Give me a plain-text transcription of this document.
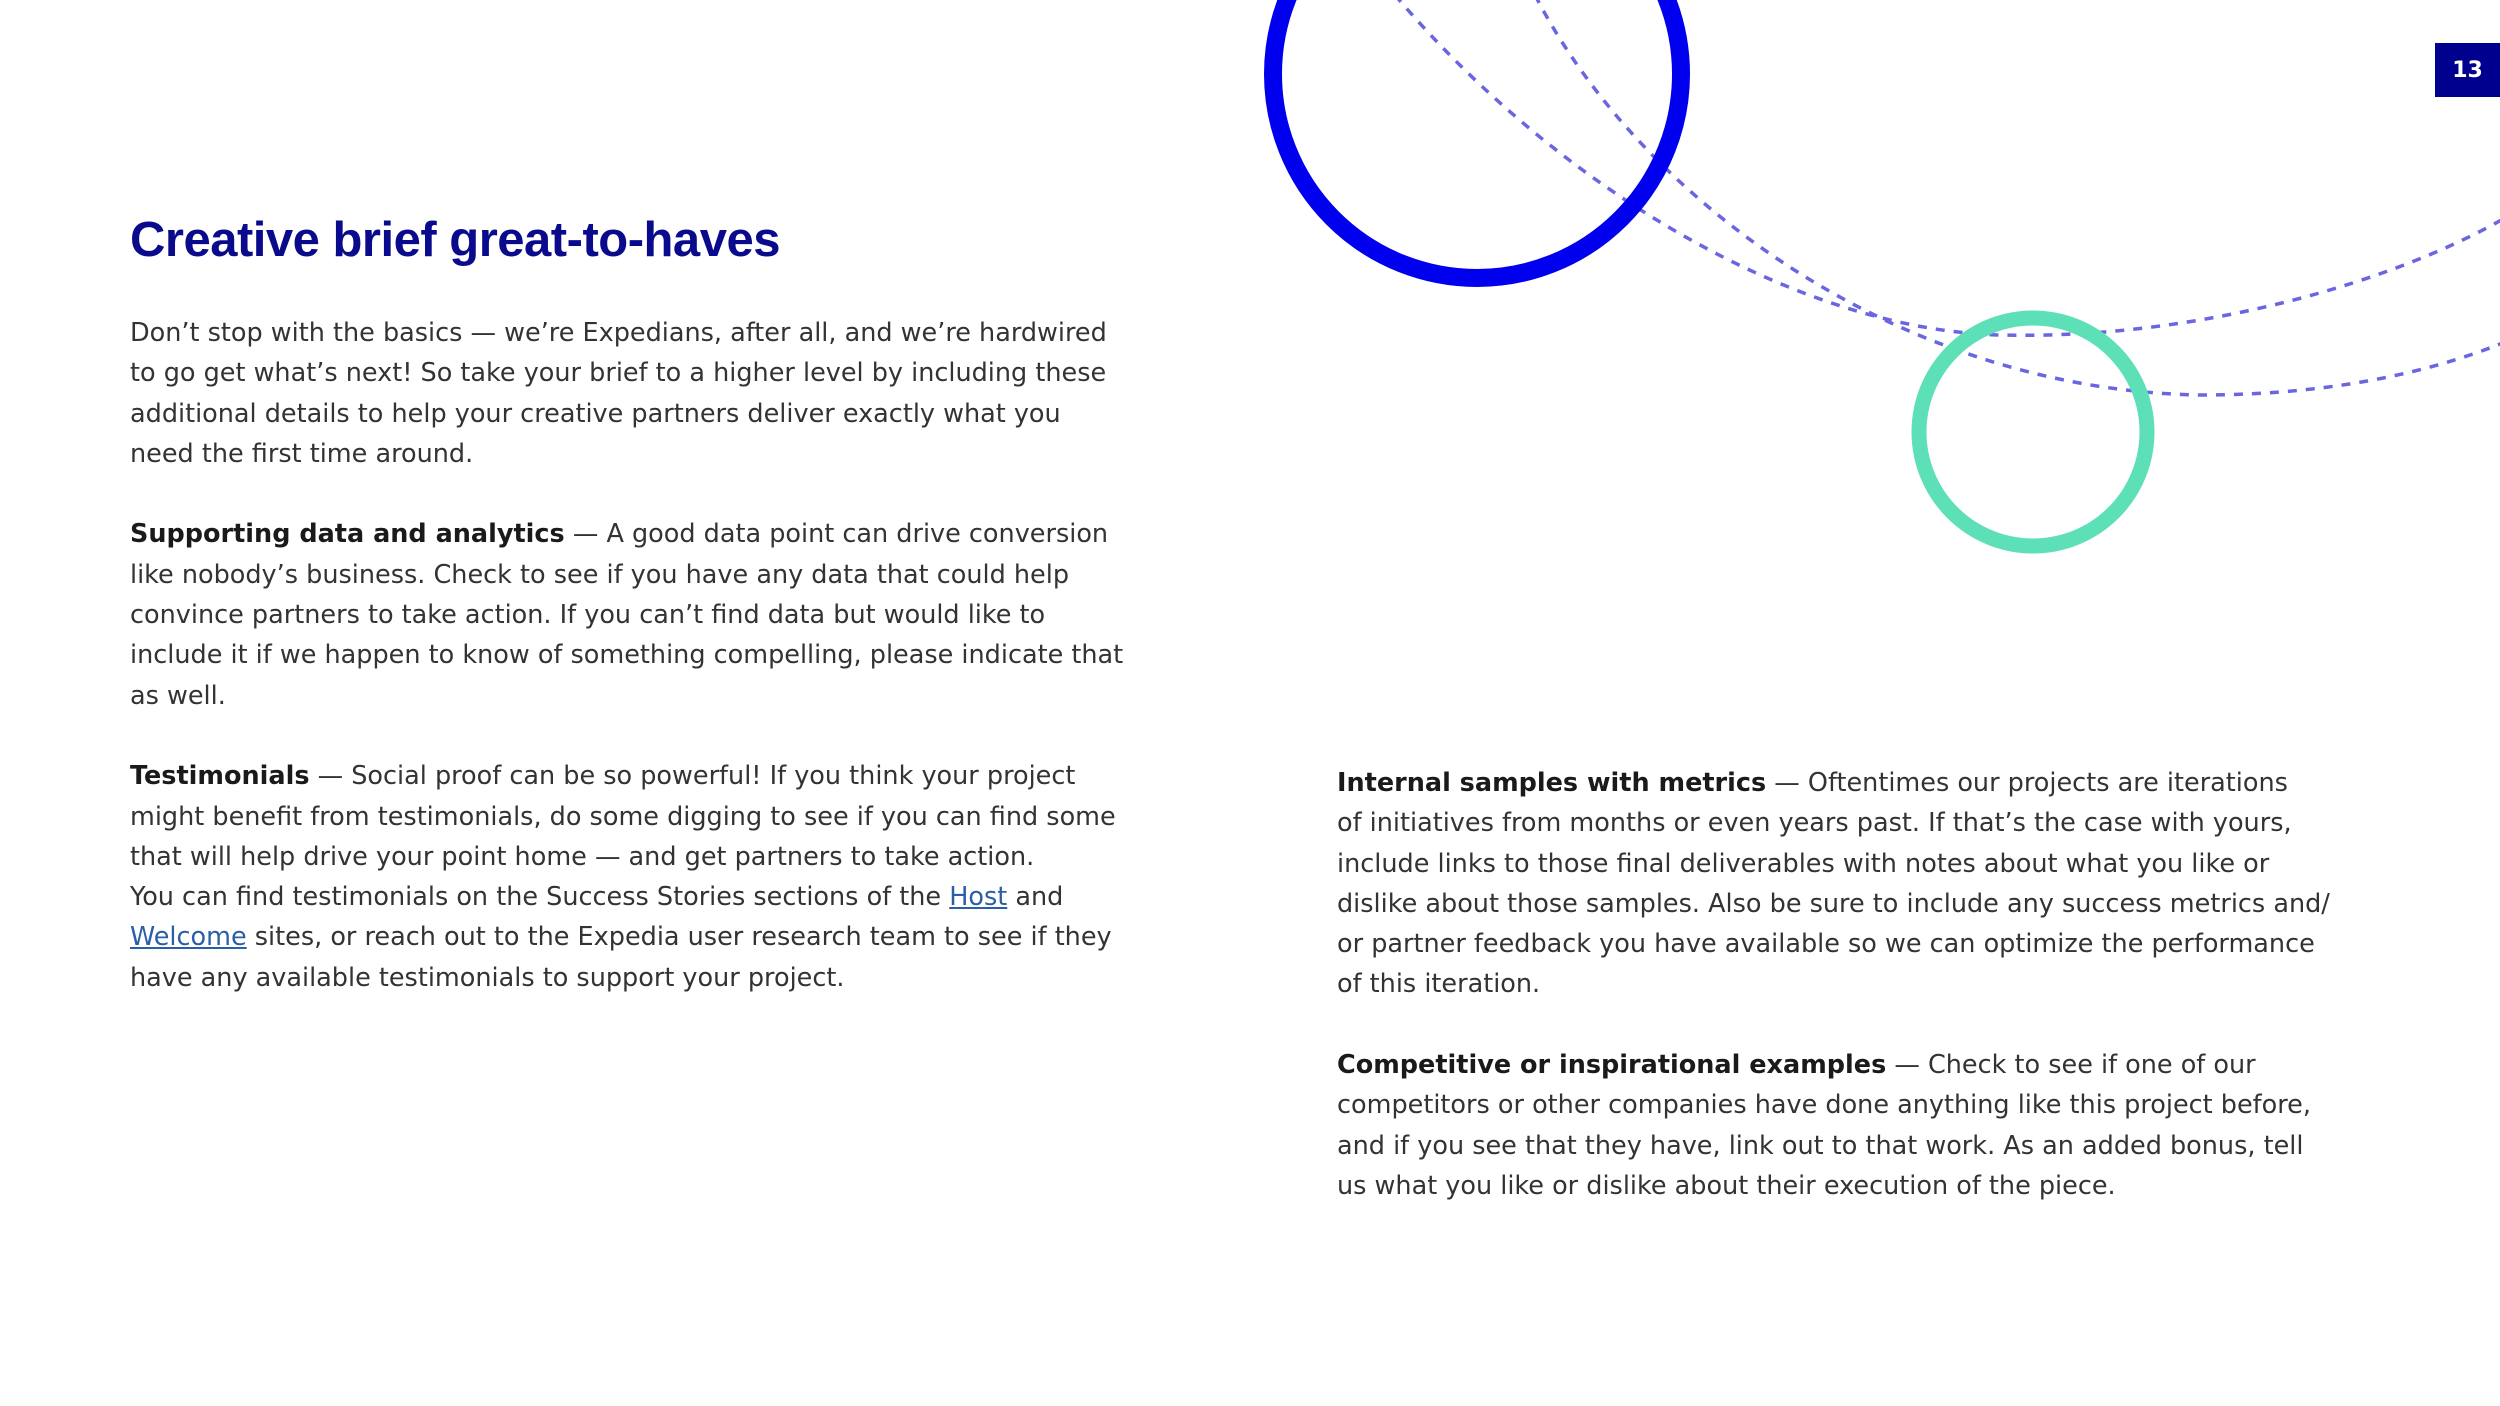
13
Creative brief great-to-haves

Don’t stop with the basics — we’re Expedians, after all, and we’re hardwired
to go get what’s next! So take your brief to a higher level by including these
additional details to help your creative partners deliver exactly what you
need the first time around.

Supporting data and analytics — A good data point can drive conversion
like nobody’s business. Check to see if you have any data that could help
convince partners to take action. If you can’t find data but would like to
include it if we happen to know of something compelling, please indicate that
as well.

Testimonials — Social proof can be so powerful! If you think your project
might benefit from testimonials, do some digging to see if you can find some
that will help drive your point home — and get partners to take action.
You can find testimonials on the Success Stories sections of the Host and
Welcome sites, or reach out to the Expedia user research team to see if they
have any available testimonials to support your project.

Internal samples with metrics — Oftentimes our projects are iterations
of initiatives from months or even years past. If that’s the case with yours,
include links to those final deliverables with notes about what you like or
dislike about those samples. Also be sure to include any success metrics and/
or partner feedback you have available so we can optimize the performance
of this iteration.

Competitive or inspirational examples — Check to see if one of our
competitors or other companies have done anything like this project before,
and if you see that they have, link out to that work. As an added bonus, tell
us what you like or dislike about their execution of the piece.
